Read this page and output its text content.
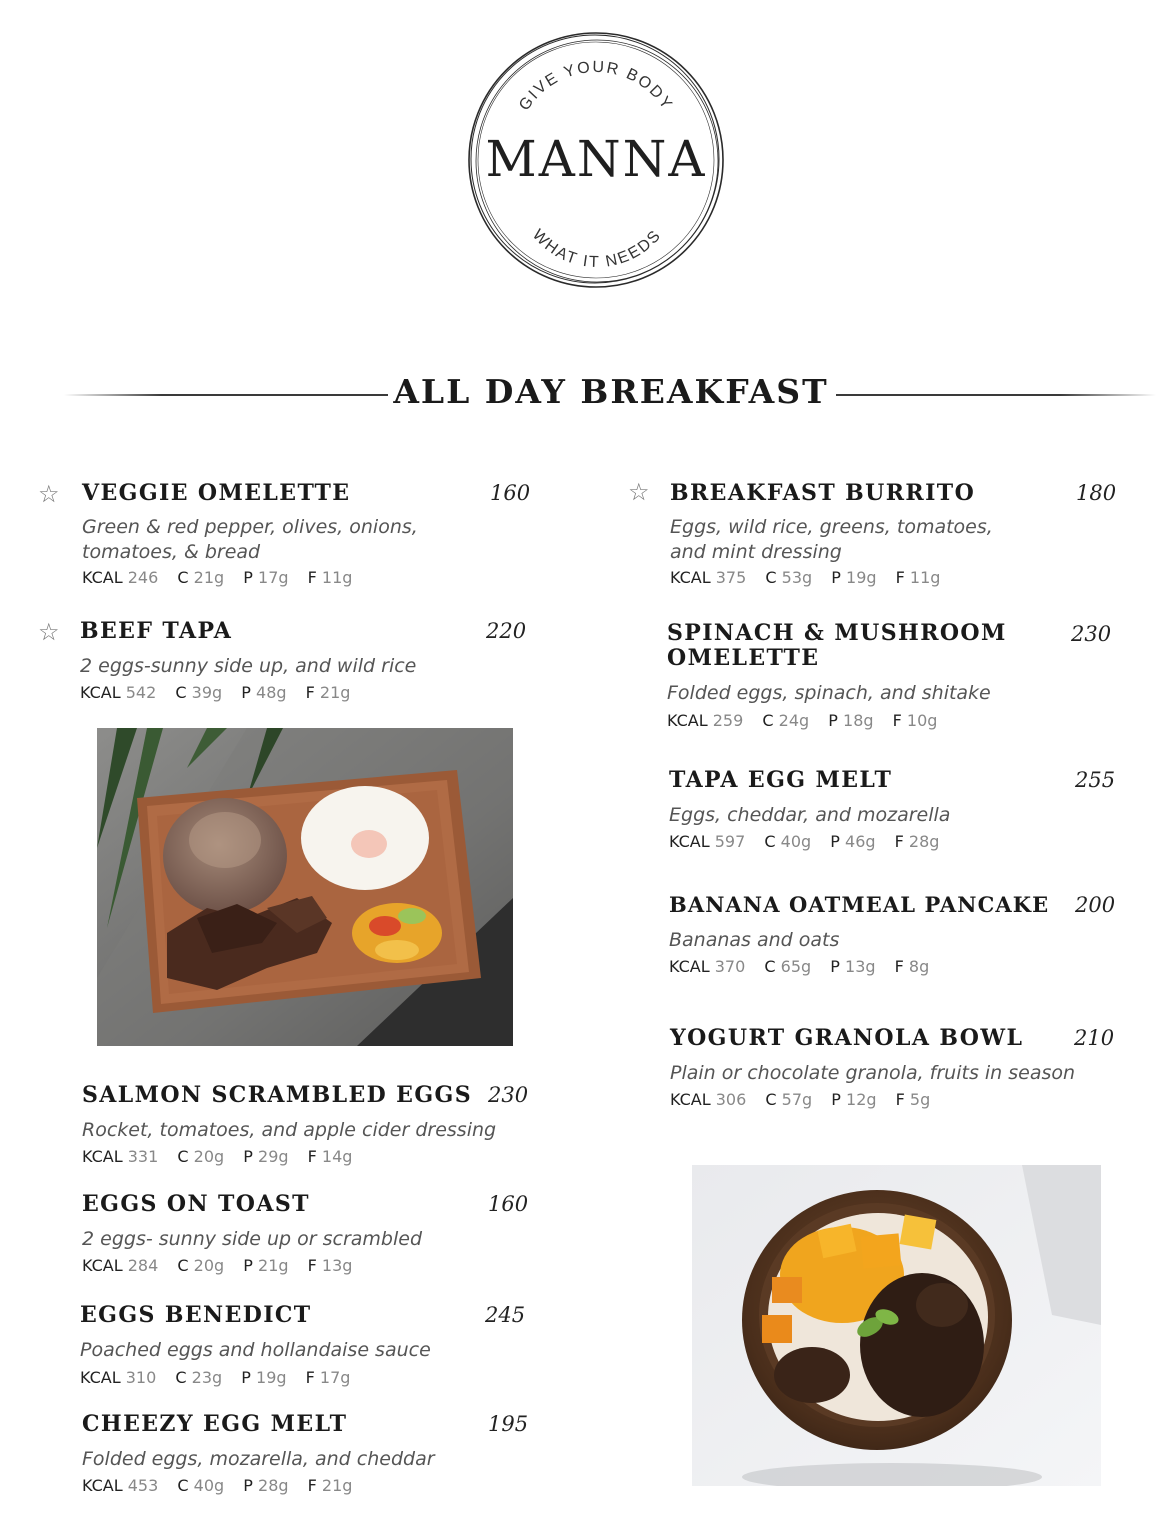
GIVE YOUR BODY
MANNA
WHAT IT NEEDS
ALL DAY BREAKFAST
☆ VEGGIE OMELETTE	160

Green & red pepper, olives, onions,
tomatoes, & bread

KCAL 246 C 21g P 17g F 11g
☆ BEEF TAPA	220

2 eggs-sunny side up, and wild rice

KCAL 542 C 39g P 48g F 21g
SALMON SCRAMBLED EGGS 230

Rocket, tomatoes, and apple cider dressing

KCAL 331 C 20g P 29g F 14g
EGGS ON TOAST	160

2 eggs- sunny side up or scrambled

KCAL 284 C 20g P 21g F 13g
EGGS BENEDICT	245

Poached eggs and hollandaise sauce

KCAL 310 C 23g P 19g F 17g
CHEEZY EGG MELT	195

Folded eggs, mozarella, and cheddar

KCAL 453 C 40g P 28g F 21g
☆ BREAKFAST BURRITO	180

Eggs, wild rice, greens, tomatoes,
and mint dressing

KCAL 375 C 53g P 19g F 11g
SPINACH & MUSHROOM OMELETTE
230

Folded eggs, spinach, and shitake

KCAL 259 C 24g P 18g F 10g
TAPA EGG MELT	255

Eggs, cheddar, and mozarella

KCAL 597 C 40g P 46g F 28g
BANANA OATMEAL PANCAKE 200

Bananas and oats

KCAL 370 C 65g P 13g F 8g
YOGURT GRANOLA BOWL 210

Plain or chocolate granola, fruits in season

KCAL 306 C 57g P 12g F 5g
